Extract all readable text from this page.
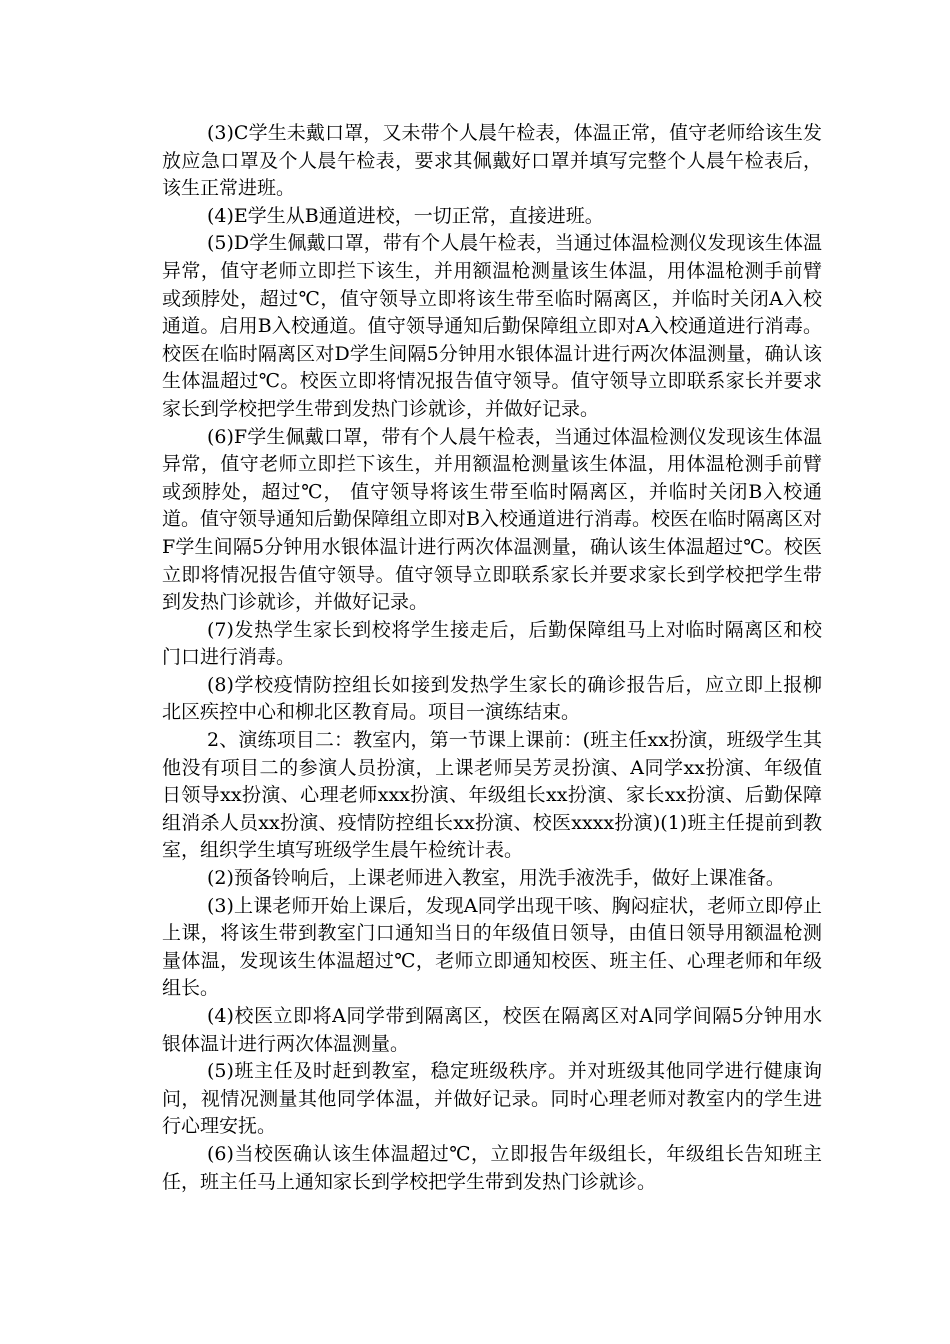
(3)C学生未戴口罩，又未带个人晨午检表，体温正常，值守老师给该生发放应急口罩及个人晨午检表，要求其佩戴好口罩并填写完整个人晨午检表后，该生正常进班。

(4)E学生从B通道进校，一切正常，直接进班。

(5)D学生佩戴口罩，带有个人晨午检表，当通过体温检测仪发现该生体温异常，值守老师立即拦下该生，并用额温枪测量该生体温，用体温枪测手前臂或颈脖处，超过℃，值守领导立即将该生带至临时隔离区，并临时关闭A入校通道。启用B入校通道。值守领导通知后勤保障组立即对A入校通道进行消毒。校医在临时隔离区对D学生间隔5分钟用水银体温计进行两次体温测量，确认该生体温超过℃。校医立即将情况报告值守领导。值守领导立即联系家长并要求家长到学校把学生带到发热门诊就诊，并做好记录。

(6)F学生佩戴口罩，带有个人晨午检表，当通过体温检测仪发现该生体温异常，值守老师立即拦下该生，并用额温枪测量该生体温，用体温枪测手前臂或颈脖处，超过℃， 值守领导将该生带至临时隔离区，并临时关闭B入校通道。值守领导通知后勤保障组立即对B入校通道进行消毒。校医在临时隔离区对F学生间隔5分钟用水银体温计进行两次体温测量，确认该生体温超过℃。校医立即将情况报告值守领导。值守领导立即联系家长并要求家长到学校把学生带到发热门诊就诊，并做好记录。

(7)发热学生家长到校将学生接走后，后勤保障组马上对临时隔离区和校门口进行消毒。

(8)学校疫情防控组长如接到发热学生家长的确诊报告后，应立即上报柳北区疾控中心和柳北区教育局。项目一演练结束。

2、演练项目二：教室内，第一节课上课前：(班主任xx扮演，班级学生其他没有项目二的参演人员扮演，上课老师吴芳灵扮演、A同学xx扮演、年级值日领导xx扮演、心理老师xxx扮演、年级组长xx扮演、家长xx扮演、后勤保障组消杀人员xx扮演、疫情防控组长xx扮演、校医xxxx扮演)(1)班主任提前到教室，组织学生填写班级学生晨午检统计表。

(2)预备铃响后，上课老师进入教室，用洗手液洗手，做好上课准备。

(3)上课老师开始上课后，发现A同学出现干咳、胸闷症状，老师立即停止上课，将该生带到教室门口通知当日的年级值日领导，由值日领导用额温枪测量体温，发现该生体温超过℃，老师立即通知校医、班主任、心理老师和年级组长。

(4)校医立即将A同学带到隔离区，校医在隔离区对A同学间隔5分钟用水银体温计进行两次体温测量。

(5)班主任及时赶到教室，稳定班级秩序。并对班级其他同学进行健康询问，视情况测量其他同学体温，并做好记录。同时心理老师对教室内的学生进行心理安抚。

(6)当校医确认该生体温超过℃，立即报告年级组长，年级组长告知班主任，班主任马上通知家长到学校把学生带到发热门诊就诊。
